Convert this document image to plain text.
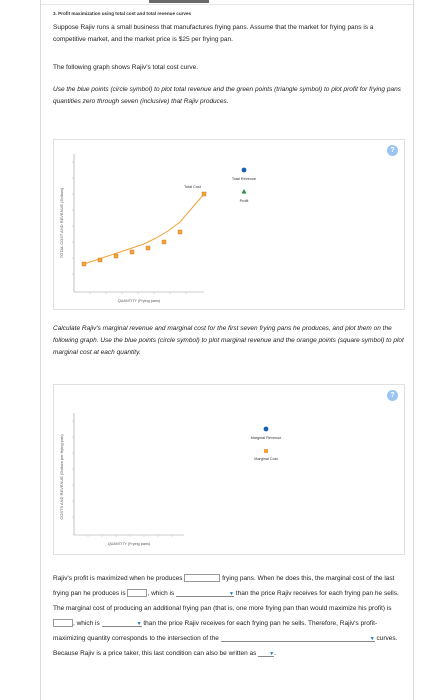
3. Profit maximization using total cost and total revenue curves
Suppose Rajiv runs a small business that manufactures frying pans. Assume that the market for frying pans is a competitive market, and the market price is $25 per frying pan.
The following graph shows Rajiv's total cost curve.
Use the blue points (circle symbol) to plot total revenue and the green points (triangle symbol) to plot profit for frying pans quantities zero through seven (inclusive) that Rajiv produces.
?
TOTAL COST AND REVENUE (Dollars)
QUANTITY (Frying pans)
Total Cost
Total Revenue
Profit
Calculate Rajiv's marginal revenue and marginal cost for the first seven frying pans he produces, and plot them on the following graph. Use the blue points (circle symbol) to plot marginal revenue and the orange points (square symbol) to plot marginal cost at each quantity.
?
COSTS AND REVENUE (Dollars per frying pan)
QUANTITY (Frying pans)
Marginal Revenue
Marginal Cost
Rajiv's profit is maximized when he produces	frying pans. When he does this, the marginal cost of the last frying pan he produces is	, which is	▼ than the price Rajiv receives for each frying pan he sells. The marginal cost of producing an additional frying pan (that is, one more frying pan than would maximize his profit) is , which is	▼ than the price Rajiv receives for each frying pan he sells. Therefore, Rajiv's profit-maximizing quantity corresponds to the intersection of the	▼ curves. Because Rajiv is a price taker, this last condition can also be written as	▼ .
